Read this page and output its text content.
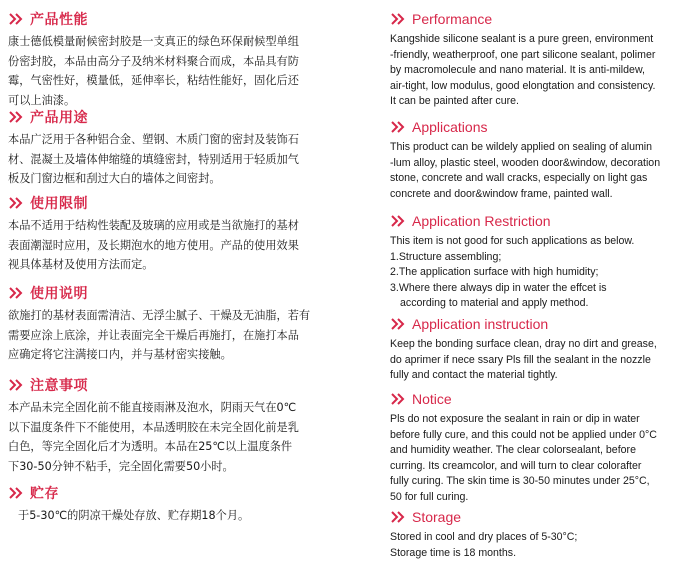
产品性能
康士德低模量耐候密封胶是一支真正的绿色环保耐候型单组
份密封胶，本品由高分子及纳米材料聚合而成，本品具有防
霉，气密性好，模量低，延伸率长，粘结性能好，固化后还
可以上油漆。
产品用途
本品广泛用于各种铝合金、塑钢、木质门窗的密封及装饰石
材、混凝土及墙体伸缩缝的填缝密封，特别适用于轻质加气
板及门窗边框和刮过大白的墙体之间密封。
使用限制
本品不适用于结构性装配及玻璃的应用或是当欲施打的基材
表面潮湿时应用，及长期泡水的地方使用。产品的使用效果
视具体基材及使用方法而定。
使用说明
欲施打的基材表面需清洁、无浮尘腻子、干燥及无油脂，若有
需要应涂上底涂，并让表面完全干燥后再施打，在施打本品
应确定将它注满接口内，并与基材密实接触。
注意事项
本产品未完全固化前不能直接雨淋及泡水，阴雨天气在0℃
以下温度条件下不能使用，本品透明胶在未完全固化前是乳
白色，等完全固化后才为透明。本品在25℃以上温度条件
下30-50分钟不粘手，完全固化需要50小时。
贮存
于5-30℃的阴凉干燥处存放、贮存期18个月。
Performance
Kangshide silicone sealant is a pure green, environment
-friendly, weatherproof, one part silicone sealant, polimer
by macromolecule and nano material. It is anti-mildew,
air-tight, low modulus, good elongtation and consistency.
It can be painted after cure.
Applications
This product can be wildely applied on sealing of alumin
-lum alloy, plastic steel, wooden door&window, decoration
stone, concrete and wall cracks, especially on light gas
concrete and door&window frame, painted wall.
Application Restriction
This item is not good for such applications as below.
1.Structure assembling;
2.The application surface with high humidity;
3.Where there always dip in water the effcet is
according to material and apply method.
Application instruction
Keep the bonding surface clean, dray no dirt and grease,
do aprimer if nece ssary Pls fill the sealant in the nozzle
fully and contact the material tightly.
Notice
Pls do not exposure the sealant in rain or dip in water
before fully cure, and this could not be applied under 0°C
and humidity weather. The clear colorsealant, before
curring. Its creamcolor, and will turn to clear colorafter
fully curing. The skin time is 30-50 minutes under 25°C,
50 for full curing.
Storage
Stored in cool and dry places of 5-30°C;
Storage time is 18 months.
